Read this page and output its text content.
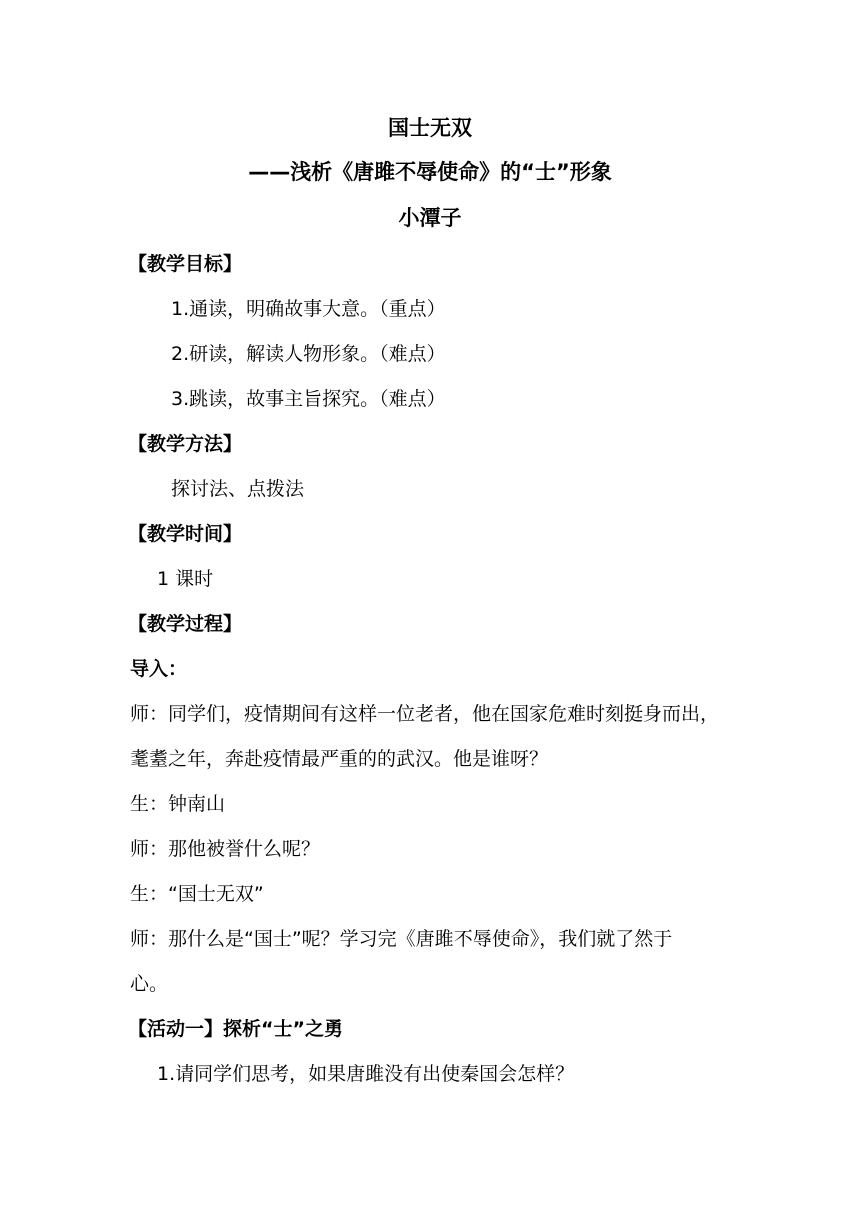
国士无双
——浅析《唐雎不辱使命》的“士”形象
小潭子
【教学目标】
1.通读，明确故事大意。（重点）
2.研读，解读人物形象。（难点）
3.跳读，故事主旨探究。（难点）
【教学方法】
探讨法、点拨法
【教学时间】
1 课时
【教学过程】
导入：
师：同学们，疫情期间有这样一位老者，他在国家危难时刻挺身而出，
耄耋之年，奔赴疫情最严重的的武汉。他是谁呀？
生：钟南山
师：那他被誉什么呢？
生：“国士无双”
师：那什么是“国士”呢？学习完《唐雎不辱使命》，我们就了然于
心。
【活动一】探析“士”之勇
1.请同学们思考，如果唐雎没有出使秦国会怎样？
